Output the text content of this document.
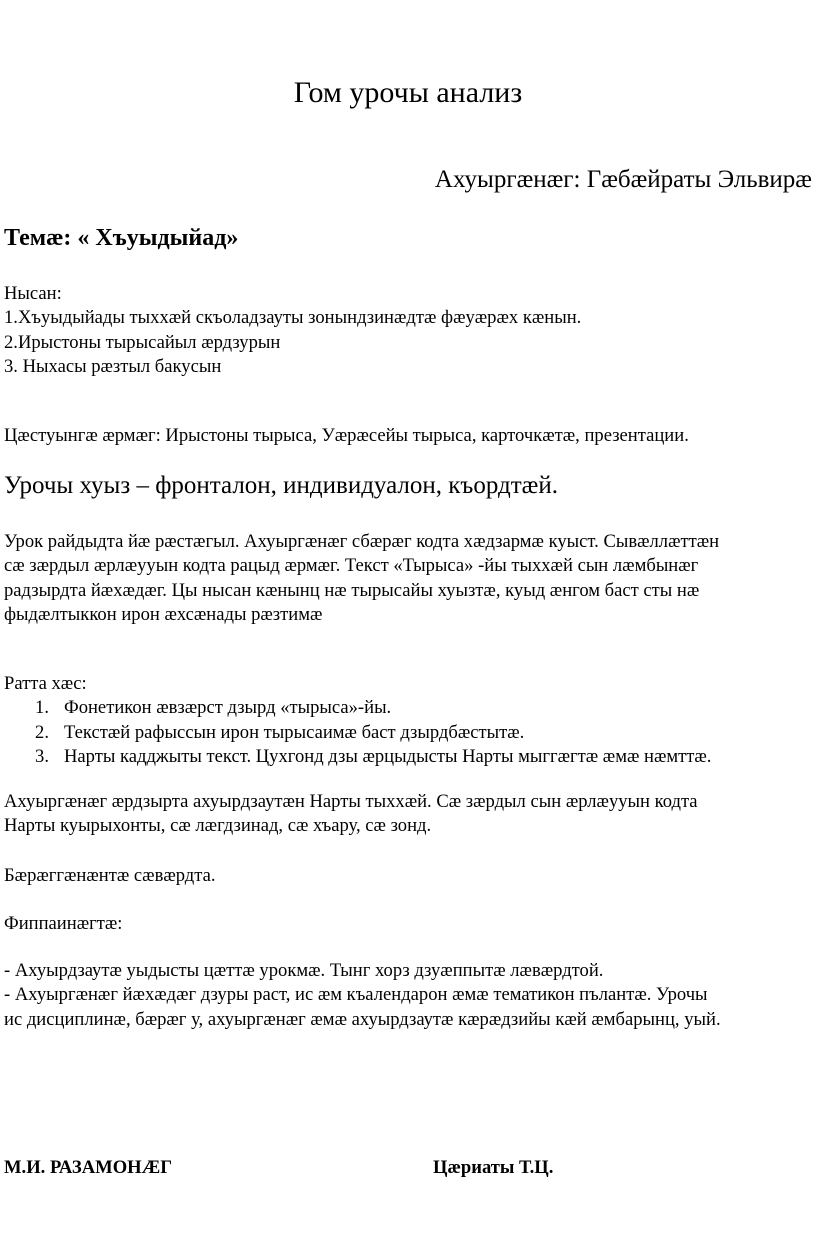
Гом урочы анализ
Ахуыргæнæг: Гæбæйраты Эльвирæ
Темæ: « Хъуыдыйад»

Нысан:

1.Хъуыдыйады тыххæй скъоладзауты зонындзинæдтæ фæуæрæх кæнын.

2.Ирыстоны тырысайыл æрдзурын

3. Ныхасы рæзтыл бакусын

Цæстуынгæ æрмæг: Ирыстоны тырыса, Уæрæсейы тырыса, карточкæтæ, презентации.

Урочы хуыз – фронталон, индивидуалон, къордтæй.

Урок райдыдта йæ рæстæгыл. Ахуыргæнæг сбæрæг кодта хæдзармæ куыст. Сывæллæттæн

сæ зæрдыл æрлæууын кодта рацыд æрмæг. Текст «Тырыса» -йы тыххæй сын лæмбынæг

радзырдта йæхæдæг. Цы нысан кæнынц нæ тырысайы хуызтæ, куыд æнгом баст сты нæ

фыдæлтыккон ирон æхсæнады рæзтимæ

Ратта хæс:

1. Фонетикон æвзæрст дзырд «тырыса»-йы.
2. Текстæй рафыссын ирон тырысаимæ баст дзырдбæстытæ.
3. Нарты кадджыты текст. Цухгонд дзы æрцыдысты Нарты мыггæгтæ æмæ нæмттæ.

Ахуыргæнæг æрдзырта ахуырдзаутæн Нарты тыххæй. Сæ зæрдыл сын æрлæууын кодта

Нарты куырыхонты, сæ лæгдзинад, сæ хъару, сæ зонд.

Бæрæггæнæнтæ сæвæрдта.

Фиппаинæгтæ:

- Ахуырдзаутæ уыдысты цæттæ урокмæ. Тынг хорз дзуæппытæ лæвæрдтой.

- Ахуыргæнæг йæхæдæг дзуры раст, ис æм къалендарон æмæ тематикон пълантæ. Урочы

ис дисциплинæ, бæрæг у, ахуыргæнæг æмæ ахуырдзаутæ кæрæдзийы кæй æмбарынц, уый.

М.И. РАЗАМОНÆГ	Цæриаты Т.Ц.
